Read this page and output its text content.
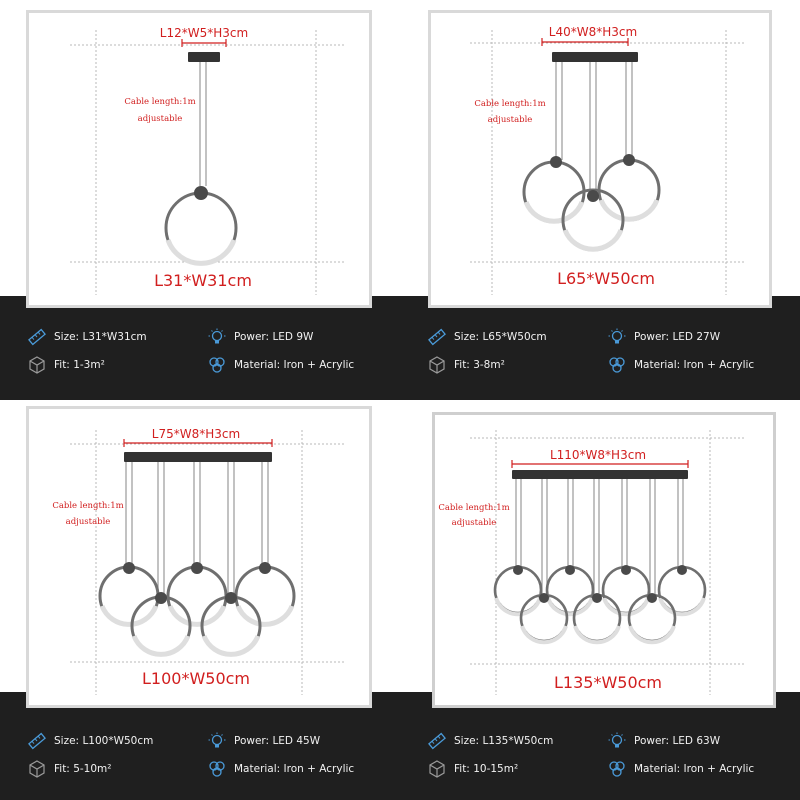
L12*W5*H3cm
Cable length:1m
adjustable
L31*W31cm
Size: L31*W31cm
Fit: 1-3m²
Power: LED 9W
Material: Iron + Acrylic
L40*W8*H3cm
Cable length:1m
adjustable
L65*W50cm
Size: L65*W50cm
Fit: 3-8m²
Power: LED 27W
Material: Iron + Acrylic
L75*W8*H3cm
Cable length:1m
adjustable
L100*W50cm
Size: L100*W50cm
Fit: 5-10m²
Power: LED 45W
Material: Iron + Acrylic
L110*W8*H3cm
Cable length:1m
adjustable
L135*W50cm
Size: L135*W50cm
Fit: 10-15m²
Power: LED 63W
Material: Iron + Acrylic
